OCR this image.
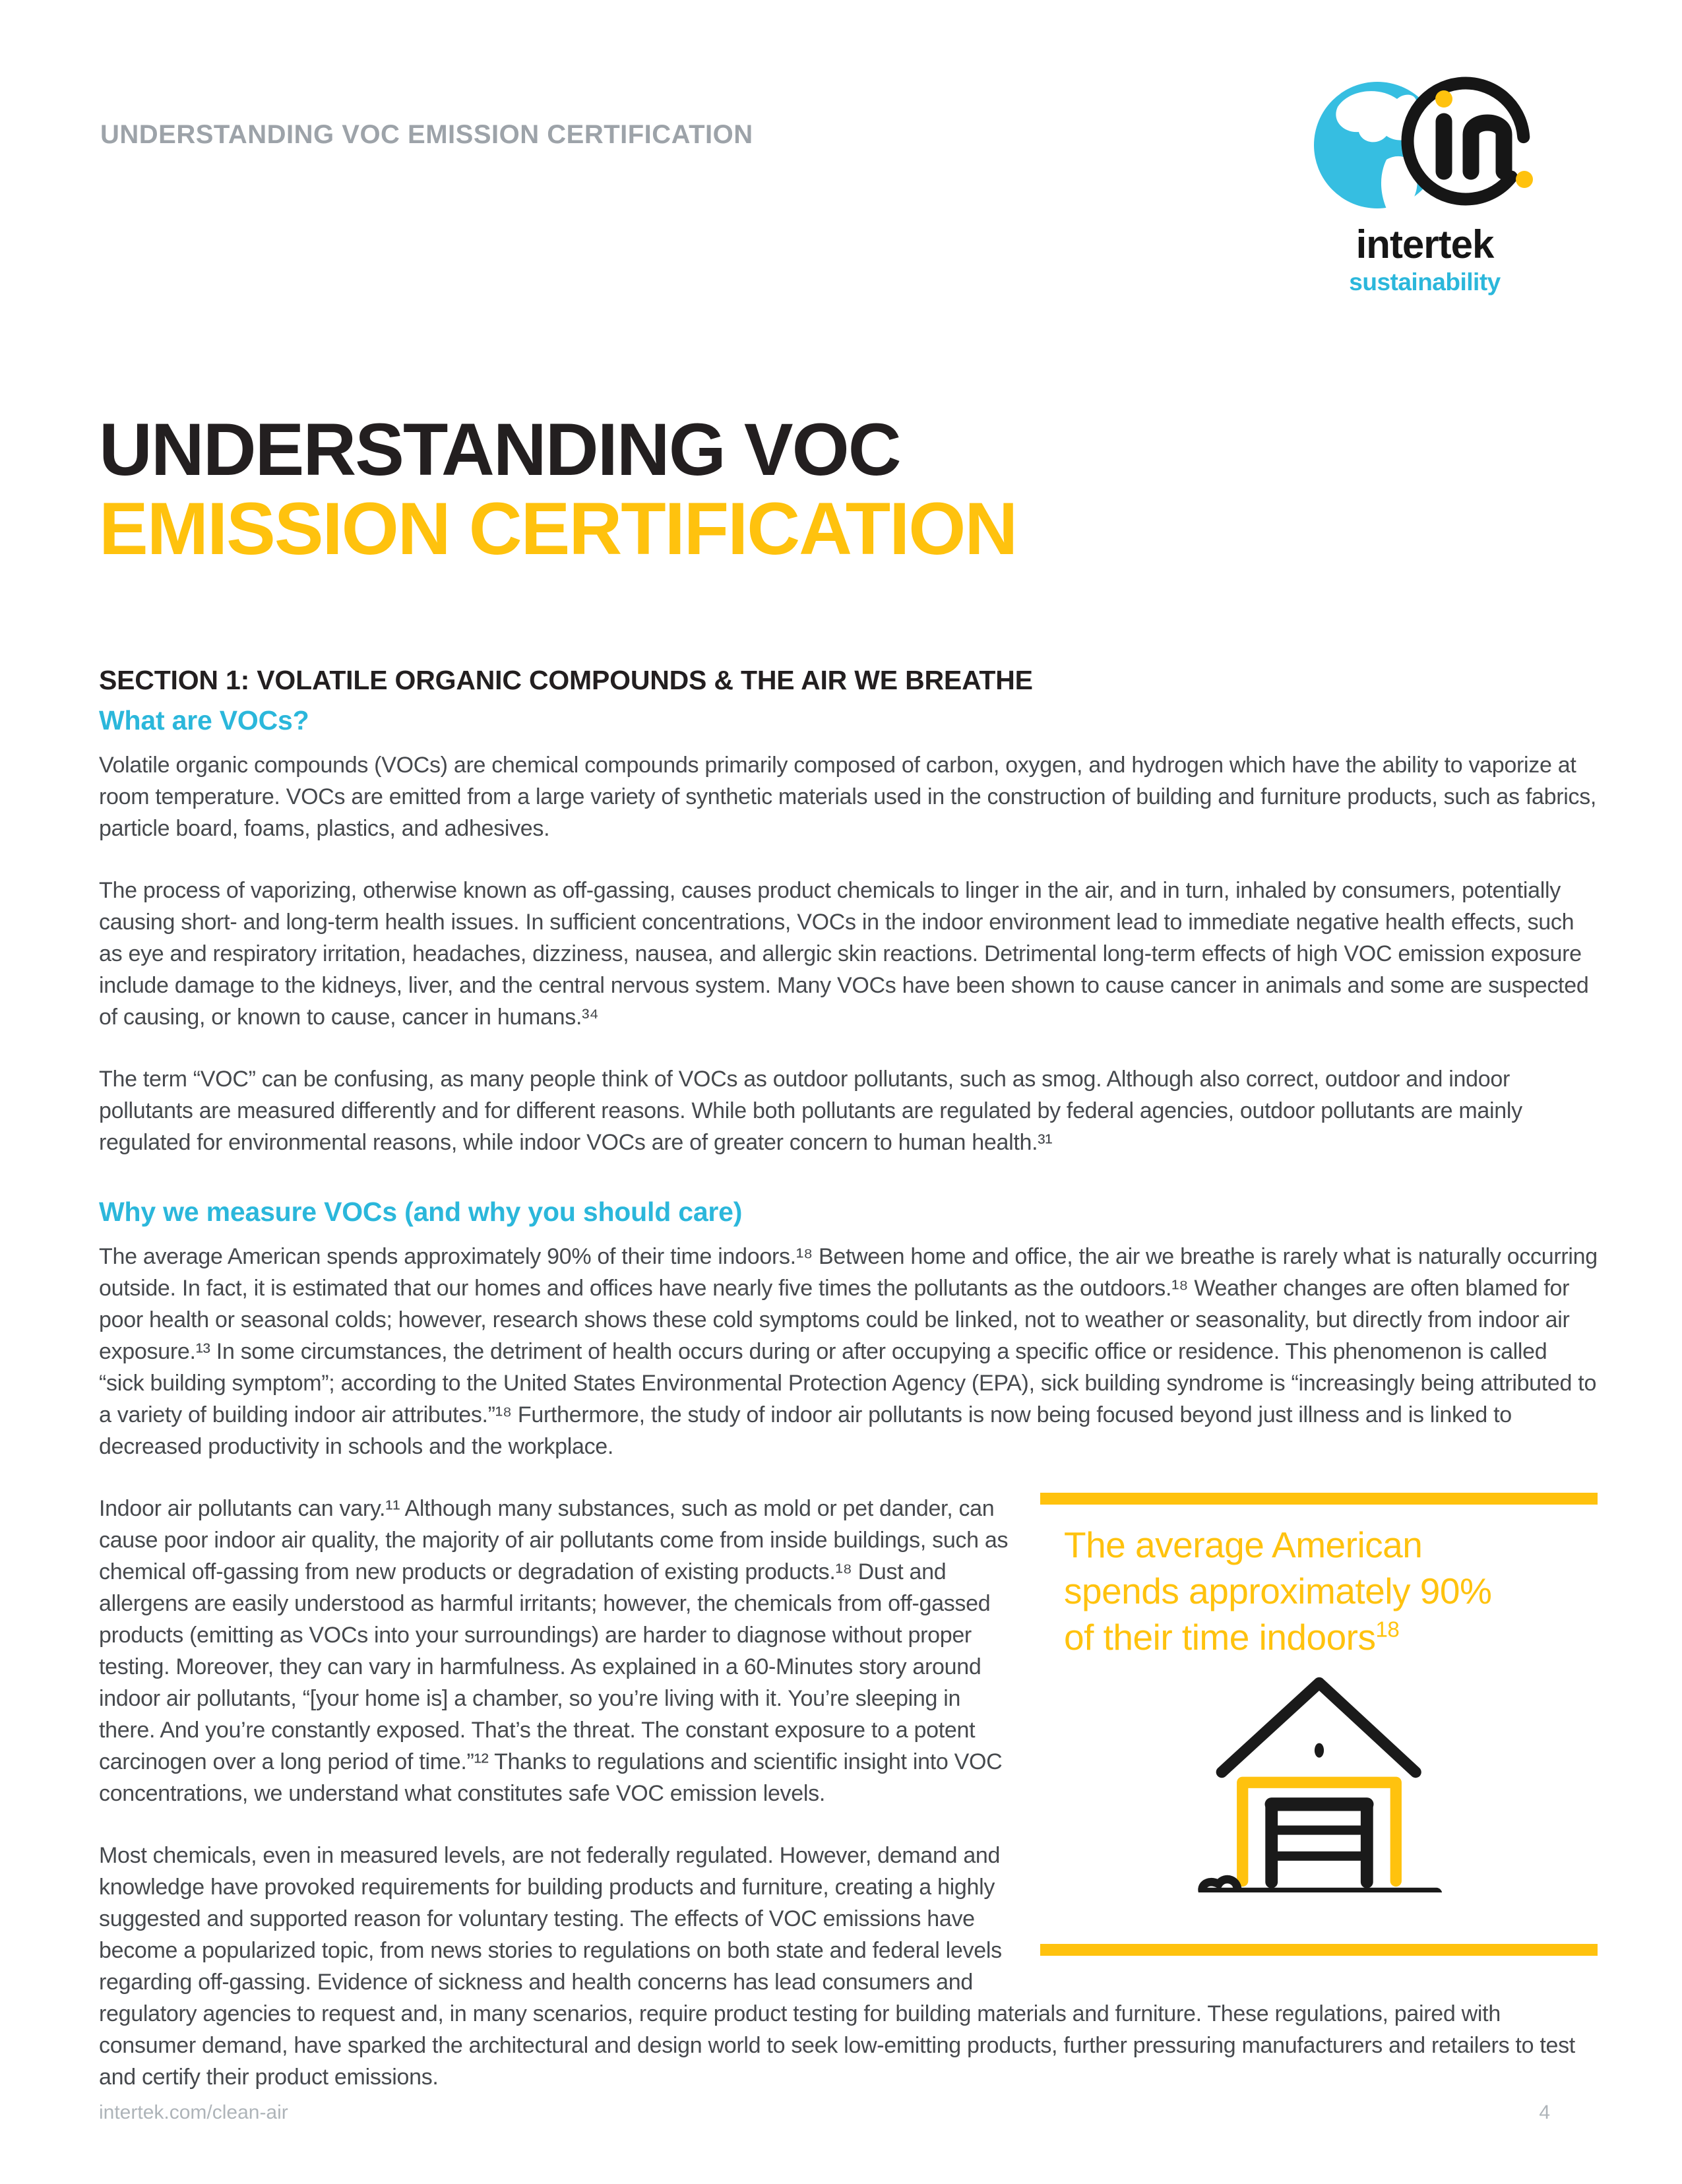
UNDERSTANDING VOC EMISSION CERTIFICATION
intertek
sustainability
UNDERSTANDING VOC
EMISSION CERTIFICATION
SECTION 1: VOLATILE ORGANIC COMPOUNDS & THE AIR WE BREATHE
What are VOCs?

Volatile organic compounds (VOCs) are chemical compounds primarily composed of carbon, oxygen, and hydrogen which have the ability to vaporize at room temperature. VOCs are emitted from a large variety of synthetic materials used in the construction of building and furniture products, such as fabrics, particle board, foams, plastics, and adhesives.

The process of vaporizing, otherwise known as off-gassing, causes product chemicals to linger in the air, and in turn, inhaled by consumers, potentially causing short- and long-term health issues. In sufficient concentrations, VOCs in the indoor environment lead to immediate negative health effects, such as eye and respiratory irritation, headaches, dizziness, nausea, and allergic skin reactions. Detrimental long-term effects of high VOC emission exposure include damage to the kidneys, liver, and the central nervous system. Many VOCs have been shown to cause cancer in animals and some are suspected of causing, or known to cause, cancer in humans.³⁴

The term “VOC” can be confusing, as many people think of VOCs as outdoor pollutants, such as smog. Although also correct, outdoor and indoor pollutants are measured differently and for different reasons. While both pollutants are regulated by federal agencies, outdoor pollutants are mainly regulated for environmental reasons, while indoor VOCs are of greater concern to human health.³¹

Why we measure VOCs (and why you should care)

The average American spends approximately 90% of their time indoors.¹⁸ Between home and office, the air we breathe is rarely what is naturally occurring outside. In fact, it is estimated that our homes and offices have nearly five times the pollutants as the outdoors.¹⁸ Weather changes are often blamed for poor health or seasonal colds; however, research shows these cold symptoms could be linked, not to weather or seasonality, but directly from indoor air exposure.¹³ In some circumstances, the detriment of health occurs during or after occupying a specific office or residence. This phenomenon is called “sick building symptom”; according to the United States Environmental Protection Agency (EPA), sick building syndrome is “increasingly being attributed to a variety of building indoor air attributes.”¹⁸ Furthermore, the study of indoor air pollutants is now being focused beyond just illness and is linked to decreased productivity in schools and the workplace.

The average American spends approximately 90% of their time indoors$^{18}$

Indoor air pollutants can vary.¹¹ Although many substances, such as mold or pet dander, can cause poor indoor air quality, the majority of air pollutants come from inside buildings, such as chemical off-gassing from new products or degradation of existing products.¹⁸ Dust and allergens are easily understood as harmful irritants; however, the chemicals from off-gassed products (emitting as VOCs into your surroundings) are harder to diagnose without proper testing. Moreover, they can vary in harmfulness. As explained in a 60-Minutes story around indoor air pollutants, “[your home is] a chamber, so you’re living with it. You’re sleeping in there. And you’re constantly exposed. That’s the threat. The constant exposure to a potent carcinogen over a long period of time.”¹² Thanks to regulations and scientific insight into VOC concentrations, we understand what constitutes safe VOC emission levels.

Most chemicals, even in measured levels, are not federally regulated. However, demand and knowledge have provoked requirements for building products and furniture, creating a highly suggested and supported reason for voluntary testing. The effects of VOC emissions have become a popularized topic, from news stories to regulations on both state and federal levels regarding off-gassing. Evidence of sickness and health concerns has lead consumers and regulatory agencies to request and, in many scenarios, require product testing for building materials and furniture. These regulations, paired with consumer demand, have sparked the architectural and design world to seek low-emitting products, further pressuring manufacturers and retailers to test and certify their product emissions.

intertek.com/clean-air	4
